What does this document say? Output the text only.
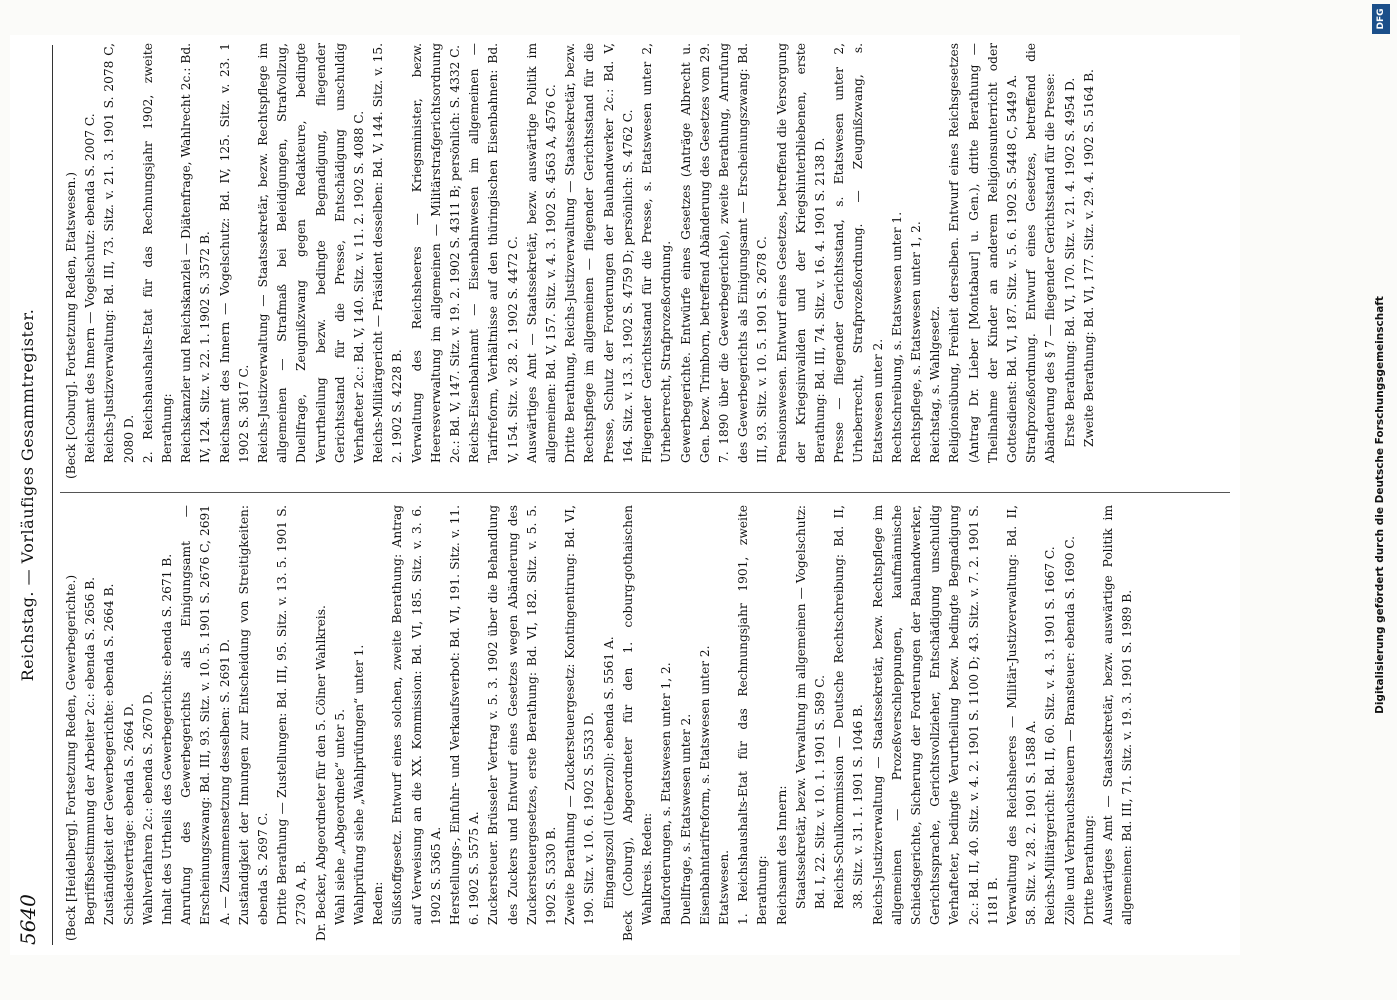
5640
Reichstag. — Vorläufiges Gesammtregister.

(Beck [Heidelberg]. Fortsetzung Reden, Gewerbegerichte.) Begriffsbestimmung der Arbeiter 2c.: ebenda S. 2656 B. Zuständigkeit der Gewerbegerichte: ebenda S. 2664 B. Schiedsverträge: ebenda S. 2664 D. Wahlverfahren 2c.: ebenda S. 2670 D. Inhalt des Urtheils des Gewerbegerichts: ebenda S. 2671 B. Anrufung des Gewerbegerichts als Einigungsamt — Erscheinungszwang: Bd. III, 93. Sitz. v. 10. 5. 1901 S. 2676 C, 2691 A. — Zusammensetzung desselben: S. 2691 D. Zuständigkeit der Innungen zur Entscheidung von Streitigkeiten: ebenda S. 2697 C. Dritte Berathung — Zustellungen: Bd. III, 95. Sitz. v. 13. 5. 1901 S. 2730 A, B. Dr. Becker, Abgeordneter für den 5. Cölner Wahlkreis. Wahl siehe „Abgeordnete“ unter 5. Wahlprüfung siehe „Wahlprüfungen“ unter 1. Reden: Süßstoffgesetz. Entwurf eines solchen, zweite Berathung: Antrag auf Verweisung an die XX. Kommission: Bd. VI, 185. Sitz. v. 3. 6. 1902 S. 5365 A. Herstellungs-, Einfuhr- und Verkaufsverbot: Bd. VI, 191. Sitz. v. 11. 6. 1902 S. 5575 A. Zuckersteuer. Brüsseler Vertrag v. 5. 3. 1902 über die Behandlung des Zuckers und Entwurf eines Gesetzes wegen Abänderung des Zuckersteuergesetzes, erste Berathung: Bd. VI, 182. Sitz. v. 5. 5. 1902 S. 5330 B. Zweite Berathung — Zuckersteuergesetz: Kontingentirung: Bd. VI, 190. Sitz. v. 10. 6. 1902 S. 5533 D. Eingangszoll (Ueberzoll): ebenda S. 5561 A. Beck (Coburg), Abgeordneter für den 1. coburg-gothaischen Wahlkreis. Reden: Bauforderungen, s. Etatswesen unter 1, 2. Duellfrage, s. Etatswesen unter 2. Eisenbahntarifreform, s. Etatswesen unter 2. Etatswesen. 1. Reichshaushalts-Etat für das Rechnungsjahr 1901, zweite Berathung: Reichsamt des Innern: Staatssekretär, bezw. Verwaltung im allgemeinen — Vogelschutz: Bd. I, 22. Sitz. v. 10. 1. 1901 S. 589 C. Reichs-Schulkommission — Deutsche Rechtschreibung: Bd. II, 38. Sitz. v. 31. 1. 1901 S. 1046 B. Reichs-Justizverwaltung — Staatssekretär, bezw. Rechtspflege im allgemeinen — Prozeßverschleppungen, kaufmännische Schiedsgerichte, Sicherung der Forderungen der Bauhandwerker, Gerichtssprache, Gerichtsvollzieher, Entschädigung unschuldig Verhafteter, bedingte Verurtheilung bezw. bedingte Begnadigung 2c.: Bd. II, 40. Sitz. v. 4. 2. 1901 S. 1100 D; 43. Sitz. v. 7. 2. 1901 S. 1181 B. Verwaltung des Reichsheeres — Militär-Justizverwaltung: Bd. II, 58. Sitz. v. 28. 2. 1901 S. 1588 A. Reichs-Militärgericht: Bd. II, 60. Sitz. v. 4. 3. 1901 S. 1667 C. Zölle und Verbrauchssteuern — Bransteuer: ebenda S. 1690 C. Dritte Berathung: Auswärtiges Amt — Staatssekretär, bezw. auswärtige Politik im allgemeinen: Bd. III, 71. Sitz. v. 19. 3. 1901 S. 1989 B.

(Beck [Coburg]. Fortsetzung Reden, Etatswesen.) Reichsamt des Innern — Vogelschutz: ebenda S. 2007 C. Reichs-Justizverwaltung: Bd. III, 73. Sitz. v. 21. 3. 1901 S. 2078 C, 2080 D. 2. Reichshaushalts-Etat für das Rechnungsjahr 1902, zweite Berathung: Reichskanzler und Reichskanzlei — Diätenfrage, Wahlrecht 2c.: Bd. IV, 124. Sitz. v. 22. 1. 1902 S. 3572 B. Reichsamt des Innern — Vogelschutz: Bd. IV, 125. Sitz. v. 23. 1 1902 S. 3617 C. Reichs-Justizverwaltung — Staatssekretär, bezw. Rechtspflege im allgemeinen — Strafmaß bei Beleidigungen, Strafvollzug, Duellfrage, Zeugnißzwang gegen Redakteure, bedingte Verurtheilung bezw. bedingte Begnadigung, fliegender Gerichtsstand für die Presse, Entschädigung unschuldig Verhafteter 2c.: Bd. V, 140. Sitz. v. 11. 2. 1902 S. 4088 C. Reichs-Militärgericht — Präsident desselben: Bd. V, 144. Sitz. v. 15. 2. 1902 S. 4228 B. Verwaltung des Reichsheeres — Kriegsminister, bezw. Heeresverwaltung im allgemeinen — Militärstrafgerichtsordnung 2c.: Bd. V, 147. Sitz. v. 19. 2. 1902 S. 4311 B; persönlich: S. 4332 C. Reichs-Eisenbahnamt — Eisenbahnwesen im allgemeinen — Tarifreform, Verhältnisse auf den thüringischen Eisenbahnen: Bd. V, 154. Sitz. v. 28. 2. 1902 S. 4472 C. Auswärtiges Amt — Staatssekretär, bezw. auswärtige Politik im allgemeinen: Bd. V, 157. Sitz. v. 4. 3. 1902 S. 4563 A, 4576 C. Dritte Berathung, Reichs-Justizverwaltung — Staatssekretär, bezw. Rechtspflege im allgemeinen — fliegender Gerichtsstand für die Presse, Schutz der Forderungen der Bauhandwerker 2c.: Bd. V, 164. Sitz. v. 13. 3. 1902 S. 4759 D; persönlich: S. 4762 C. Fliegender Gerichtsstand für die Presse, s. Etatswesen unter 2, Urheberrecht, Strafprozeßordnung. Gewerbegerichte. Entwürfe eines Gesetzes (Anträge Albrecht u. Gen. bezw. Trimborn, betreffend Abänderung des Gesetzes vom 29. 7. 1890 über die Gewerbegerichte), zweite Berathung, Anrufung des Gewerbegerichts als Einigungsamt — Erscheinungszwang: Bd. III, 93. Sitz. v. 10. 5. 1901 S. 2678 C. Pensionswesen. Entwurf eines Gesetzes, betreffend die Versorgung der Kriegsinvaliden und der Kriegshinterbliebenen, erste Berathung: Bd. III, 74. Sitz. v. 16. 4. 1901 S. 2138 D. Presse — fliegender Gerichtsstand, s. Etatswesen unter 2, Urheberrecht, Strafprozeßordnung. — Zeugnißzwang, s. Etatswesen unter 2. Rechtschreibung, s. Etatswesen unter 1. Rechtspflege, s. Etatswesen unter 1, 2. Reichstag, s. Wahlgesetz. Religionsübung, Freiheit derselben. Entwurf eines Reichsgesetzes (Antrag Dr. Lieber [Montabaur] u. Gen.), dritte Berathung — Theilnahme der Kinder an anderem Religionsunterricht oder Gottesdienst: Bd. VI, 187. Sitz. v. 5. 6. 1902 S. 5448 C, 5449 A. Strafprozeßordnung. Entwurf eines Gesetzes, betreffend die Abänderung des § 7 — fliegender Gerichtsstand für die Presse: Erste Berathung: Bd. VI, 170. Sitz. v. 21. 4. 1902 S. 4954 D. Zweite Berathung: Bd. VI, 177. Sitz. v. 29. 4. 1902 S. 5164 B.

DFG
Digitalisierung gefördert durch die Deutsche Forschungsgemeinschaft
